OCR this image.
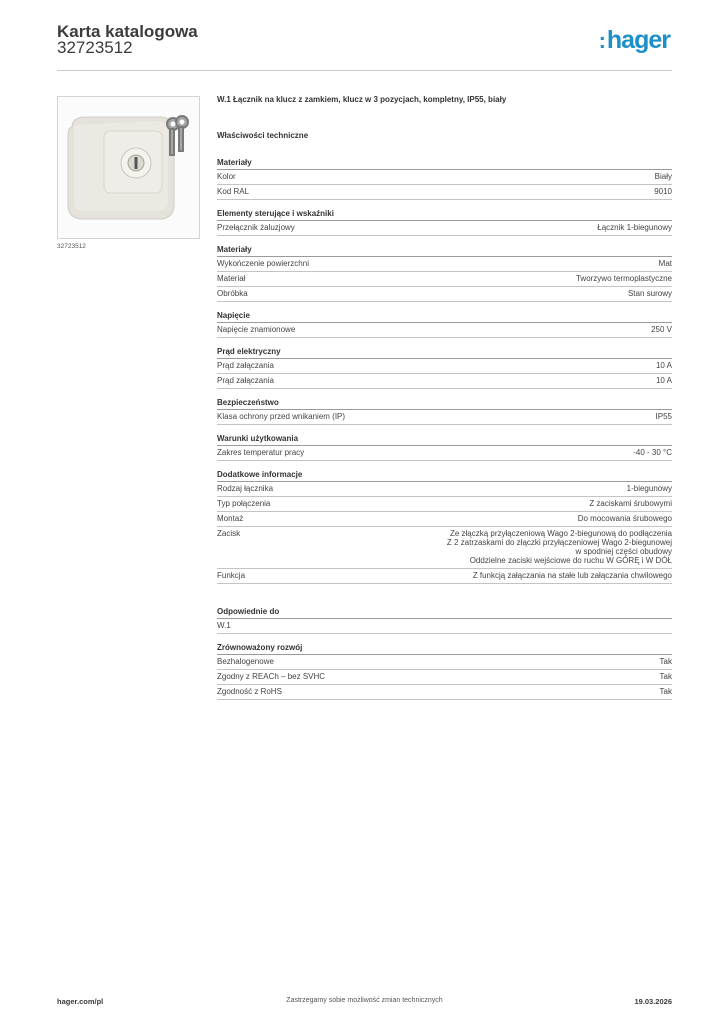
Karta katalogowa
32723512	:hager
32723512
W.1 Łącznik na klucz z zamkiem, klucz w 3 pozycjach, kompletny, IP55, biały
Właściwości techniczne
Materiały
Kolor	Biały
Kod RAL	9010
Elementy sterujące i wskaźniki
Przełącznik żaluzjowy	Łącznik 1-biegunowy
Materiały
Wykończenie powierzchni	Mat
Materiał	Tworzywo termoplastyczne
Obróbka	Stan surowy
Napięcie
Napięcie znamionowe	250 V
Prąd elektryczny
Prąd załączania	10 A
Prąd załączania	10 A
Bezpieczeństwo
Klasa ochrony przed wnikaniem (IP)	IP55
Warunki użytkowania
Zakres temperatur pracy	-40 - 30 °C
Dodatkowe informacje
Rodzaj łącznika	1-biegunowy
Typ połączenia	Z zaciskami śrubowymi
Montaż	Do mocowania śrubowego
Zacisk	Ze złączką przyłączeniową Wago 2-biegunową do podłączenia
Z 2 zatrzaskami do złączki przyłączeniowej Wago 2-biegunowej
w spodniej części obudowy
Oddzielne zaciski wejściowe do ruchu W GÓRĘ i W DÓŁ
Funkcja	Z funkcją załączania na stałe lub załączania chwilowego
Odpowiednie do
W.1
Zrównoważony rozwój
Bezhalogenowe	Tak
Zgodny z REACh – bez SVHC	Tak
Zgodność z RoHS	Tak
Zastrzegamy sobie możliwość zmian technicznych
hager.com/pl	19.03.2026
